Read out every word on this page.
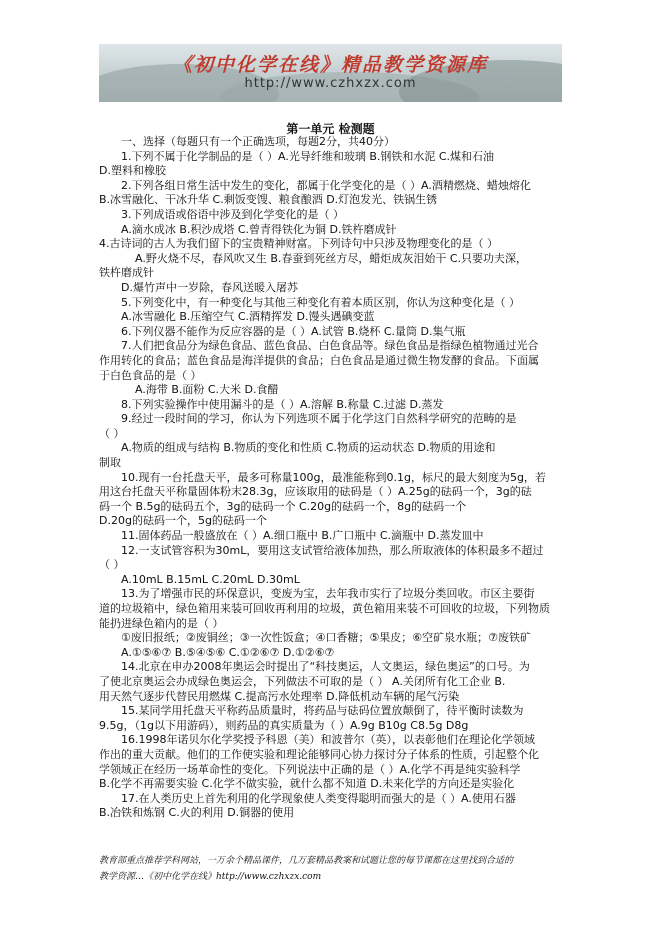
《初中化学在线》精品教学资源库
http://www.czhxzx.com
第一单元 检测题

一、选择（每题只有一个正确选项，每题2分，共40分）

1.下列不属于化学制品的是（ ）A.光导纤维和玻璃 B.钢铁和水泥 C.煤和石油

D.塑料和橡胶

2.下列各组日常生活中发生的变化，都属于化学变化的是（ ）A.酒精燃烧、蜡烛熔化

B.冰雪融化、干冰升华 C.剩饭变馊、粮食酿酒 D.灯泡发光、铁锅生锈

3.下列成语或俗语中涉及到化学变化的是（ ）

A.滴水成冰 B.积沙成塔 C.曾青得铁化为铜 D.铁杵磨成针

4.古诗词的古人为我们留下的宝贵精神财富。下列诗句中只涉及物理变化的是（ ）

A.野火烧不尽，春风吹又生 B.春蚕到死丝方尽，蜡炬成灰泪始干 C.只要功夫深，

铁杵磨成针

D.爆竹声中一岁除，春风送暖入屠苏

5.下列变化中，有一种变化与其他三种变化有着本质区别，你认为这种变化是（ ）

A.冰雪融化 B.压缩空气 C.酒精挥发 D.馒头遇碘变蓝

6.下列仪器不能作为反应容器的是（ ）A.试管 B.烧杯 C.量筒 D.集气瓶

7.人们把食品分为绿色食品、蓝色食品、白色食品等。绿色食品是指绿色植物通过光合

作用转化的食品；蓝色食品是海洋提供的食品；白色食品是通过微生物发酵的食品。下面属

于白色食品的是（ ）

A.海带 B.面粉 C.大米 D.食醋

8.下列实验操作中使用漏斗的是（ ）A.溶解 B.称量 C.过滤 D.蒸发

9.经过一段时间的学习，你认为下列选项不属于化学这门自然科学研究的范畴的是

（ ）

A.物质的组成与结构 B.物质的变化和性质 C.物质的运动状态 D.物质的用途和

制取

10.现有一台托盘天平，最多可称量100g，最准能称到0.1g，标尺的最大刻度为5g，若

用这台托盘天平称量固体粉末28.3g，应该取用的砝码是（ ）A.25g的砝码一个，3g的砝

码一个 B.5g的砝码五个，3g的砝码一个 C.20g的砝码一个，8g的砝码一个

D.20g的砝码一个，5g的砝码一个

11.固体药品一般盛放在（ ）A.细口瓶中 B.广口瓶中 C.滴瓶中 D.蒸发皿中

12.一支试管容积为30mL，要用这支试管给液体加热，那么所取液体的体积最多不超过

（ ）

A.10mL B.15mL C.20mL D.30mL

13.为了增强市民的环保意识，变废为宝，去年我市实行了垃圾分类回收。市区主要街

道的垃圾箱中，绿色箱用来装可回收再利用的垃圾，黄色箱用来装不可回收的垃圾，下列物质

能扔进绿色箱内的是（ ）

①废旧报纸；②废铜丝；③一次性饭盒；④口香糖；⑤果皮；⑥空矿泉水瓶；⑦废铁矿

A.①⑤⑥⑦ B.⑤④⑤⑥ C.①②⑥⑦ D.①②⑥⑦

14.北京在申办2008年奥运会时提出了“科技奥运，人文奥运，绿色奥运”的口号。为

了使北京奥运会办成绿色奥运会，下列做法不可取的是（ ） A.关闭所有化工企业 B.

用天然气逐步代替民用燃煤 C.提高污水处理率 D.降低机动车辆的尾气污染

15.某同学用托盘天平称药品质量时，将药品与砝码位置放颠倒了，待平衡时读数为

9.5g，（1g以下用游码），则药品的真实质量为（ ）A.9g B10g C8.5g D8g

16.1998年诺贝尔化学奖授予科恩（美）和波普尔（英），以表彰他们在理论化学领域

作出的重大贡献。他们的工作使实验和理论能够同心协力探讨分子体系的性质，引起整个化

学领域正在经历一场革命性的变化。下列说法中正确的是（ ）A.化学不再是纯实验科学

B.化学不再需要实验 C.化学不做实验，就什么都不知道 D.未来化学的方向还是实验化

17.在人类历史上首先利用的化学现象使人类变得聪明而强大的是（ ）A.使用石器

B.冶铁和炼钢 C.火的利用 D.铜器的使用

教育部重点推荐学科网站，一万余个精品课件，几万套精品教案和试题让您的每节课都在这里找到合适的
教学资源…《初中化学在线》http://www.czhxzx.com
